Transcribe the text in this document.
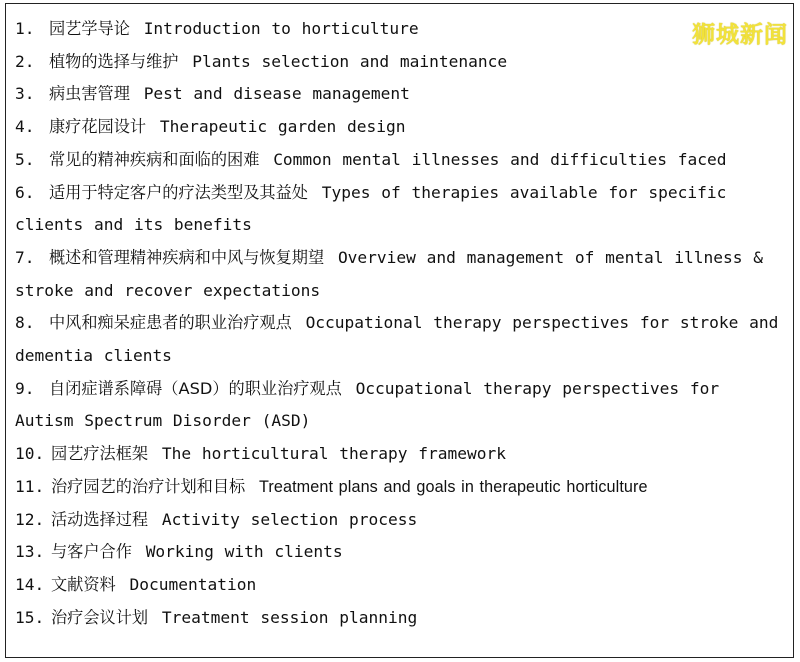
狮城新闻
1. 园艺学导论 Introduction to horticulture
2. 植物的选择与维护 Plants selection and maintenance
3. 病虫害管理 Pest and disease management
4. 康疗花园设计 Therapeutic garden design
5. 常见的精神疾病和面临的困难 Common mental illnesses and difficulties faced
6. 适用于特定客户的疗法类型及其益处 Types of therapies available for specific clients and its benefits
7. 概述和管理精神疾病和中风与恢复期望 Overview and management of mental illness & stroke and recover expectations
8. 中风和痴呆症患者的职业治疗观点 Occupational therapy perspectives for stroke and dementia clients
9. 自闭症谱系障碍（ASD）的职业治疗观点 Occupational therapy perspectives for Autism Spectrum Disorder (ASD)
10. 园艺疗法框架 The horticultural therapy framework
11. 治疗园艺的治疗计划和目标 Treatment plans and goals in therapeutic horticulture
12. 活动选择过程 Activity selection process
13. 与客户合作 Working with clients
14. 文献资料 Documentation
15. 治疗会议计划 Treatment session planning
